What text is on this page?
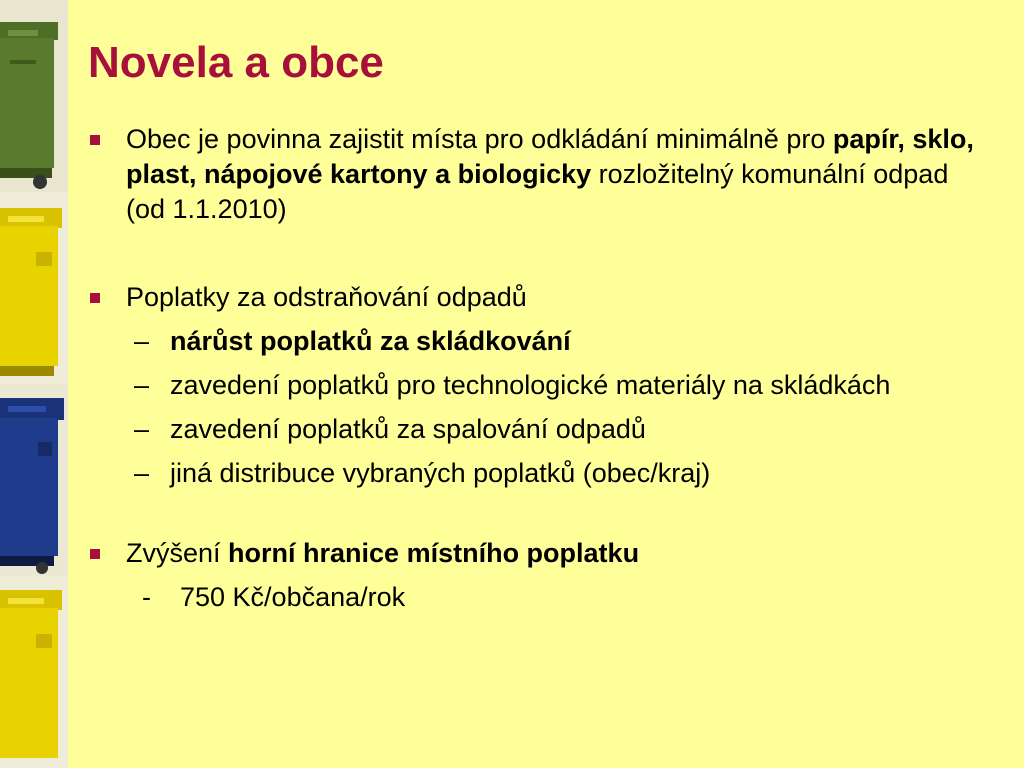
Novela a obce
Obec je povinna zajistit místa pro odkládání minimálně pro papír, sklo, plast, nápojové kartony a biologicky rozložitelný komunální odpad (od 1.1.2010)
Poplatky za odstraňování odpadů
– nárůst poplatků za skládkování
– zavedení poplatků pro technologické materiály na skládkách
– zavedení poplatků za spalování odpadů
– jiná distribuce vybraných poplatků (obec/kraj)
Zvýšení horní hranice místního poplatku
- 750 Kč/občana/rok
